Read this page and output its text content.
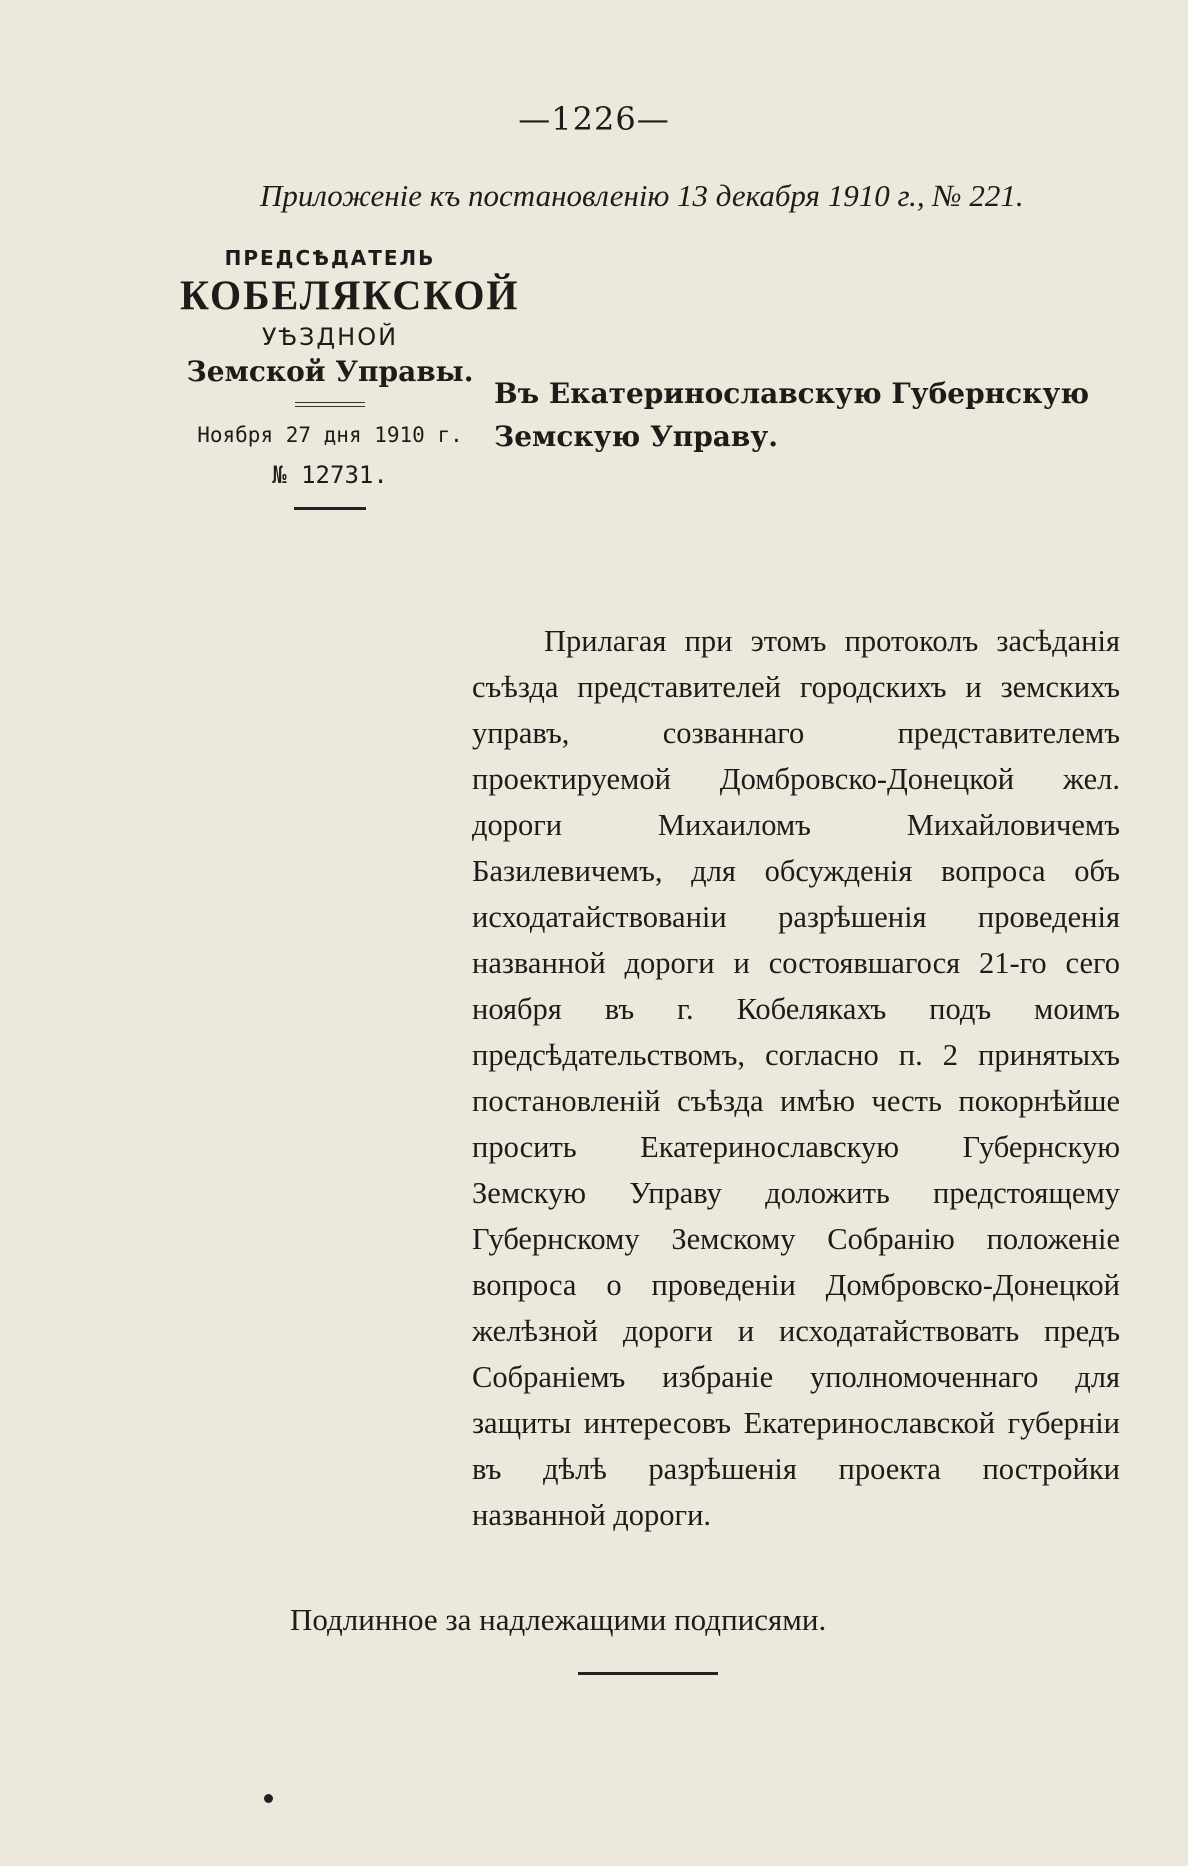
—1226—
Приложенiе къ постановленiю 13 декабря 1910 г., № 221.
ПРЕДСѢДАТЕЛЬ
КОБЕЛЯКСКОЙ
УѢЗДНОЙ
Земской Управы.
Ноября 27 дня 1910 г.
№ 12731.
Въ Екатеринославскую Губернскую Земскую Управу.

Прилагая при этомъ протоколъ засѣданiя съѣзда представителей городскихъ и земскихъ управъ, созваннаго представителемъ проектируемой Домбровско-Донецкой жел. дороги Михаиломъ Михайловичемъ Базилевичемъ, для обсужденiя вопроса объ исходатайствованiи разрѣшенiя проведенiя названной дороги и состоявшагося 21-го сего ноября въ г. Кобелякахъ подъ моимъ предсѣдательствомъ, согласно п. 2 принятыхъ постановленiй съѣзда имѣю честь покорнѣйше просить Екатеринославскую Губернскую Земскую Управу доложить предстоящему Губернскому Земскому Собранiю положенiе вопроса о проведенiи Домбровско-Донецкой желѣзной дороги и исходатайствовать предъ Собранiемъ избранiе уполномоченнаго для защиты интересовъ Екатеринославской губернiи въ дѣлѣ разрѣшенiя проекта постройки названной дороги.

Подлинное за надлежащими подписями.
